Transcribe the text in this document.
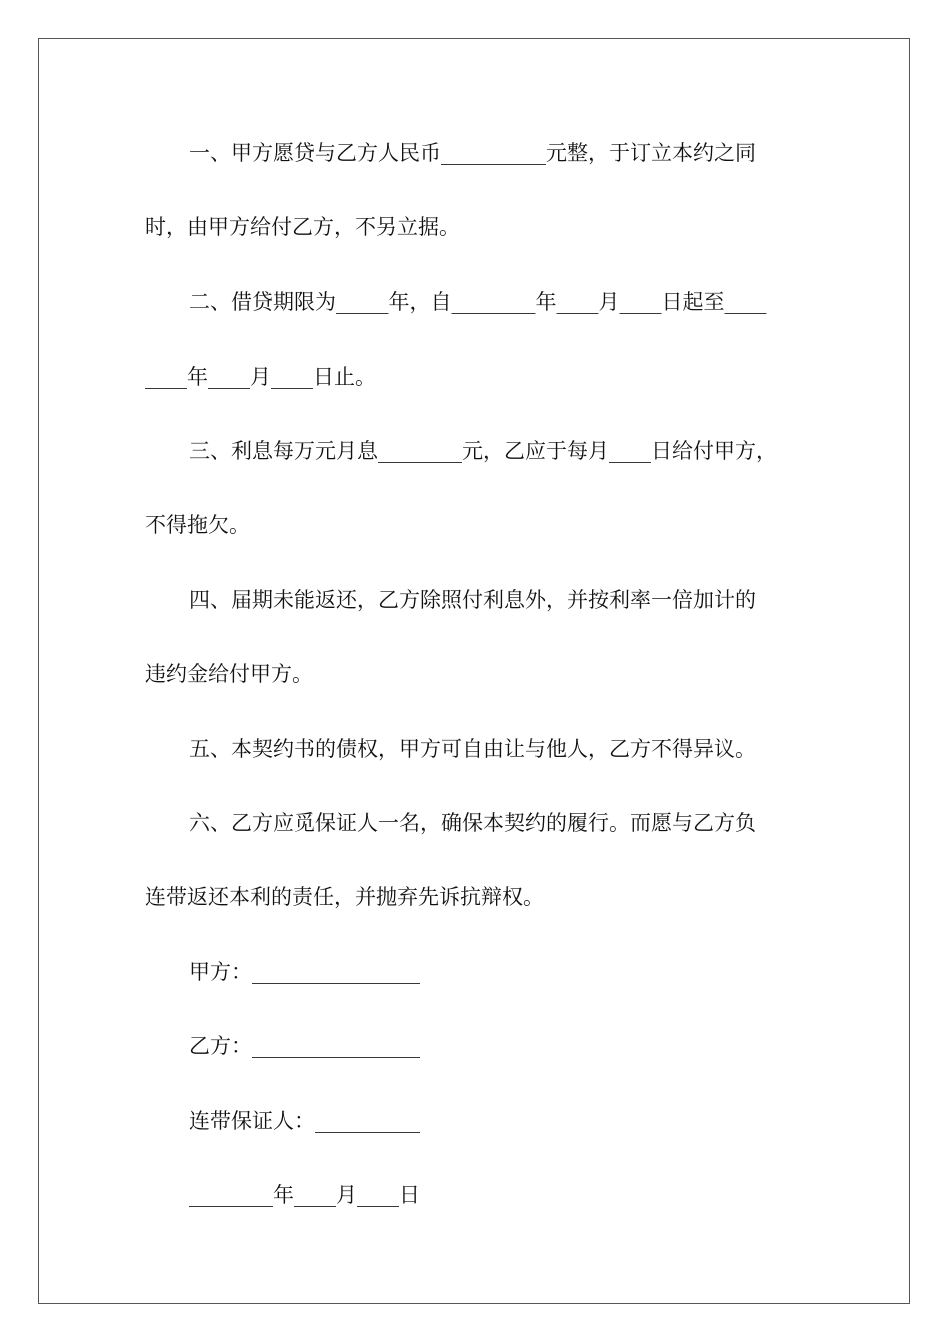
一、甲方愿贷与乙方人民币__________元整，于订立本约之同
时，由甲方给付乙方，不另立据。
二、借贷期限为_____年，自________年____月____日起至____
____年____月____日止。
三、利息每万元月息________元，乙应于每月____日给付甲方，
不得拖欠。
四、届期未能返还，乙方除照付利息外，并按利率一倍加计的
违约金给付甲方。
五、本契约书的债权，甲方可自由让与他人，乙方不得异议。
六、乙方应觅保证人一名，确保本契约的履行。而愿与乙方负
连带返还本利的责任，并抛弃先诉抗辩权。
甲方：________________
乙方：________________
连带保证人：__________
________年____月____日
